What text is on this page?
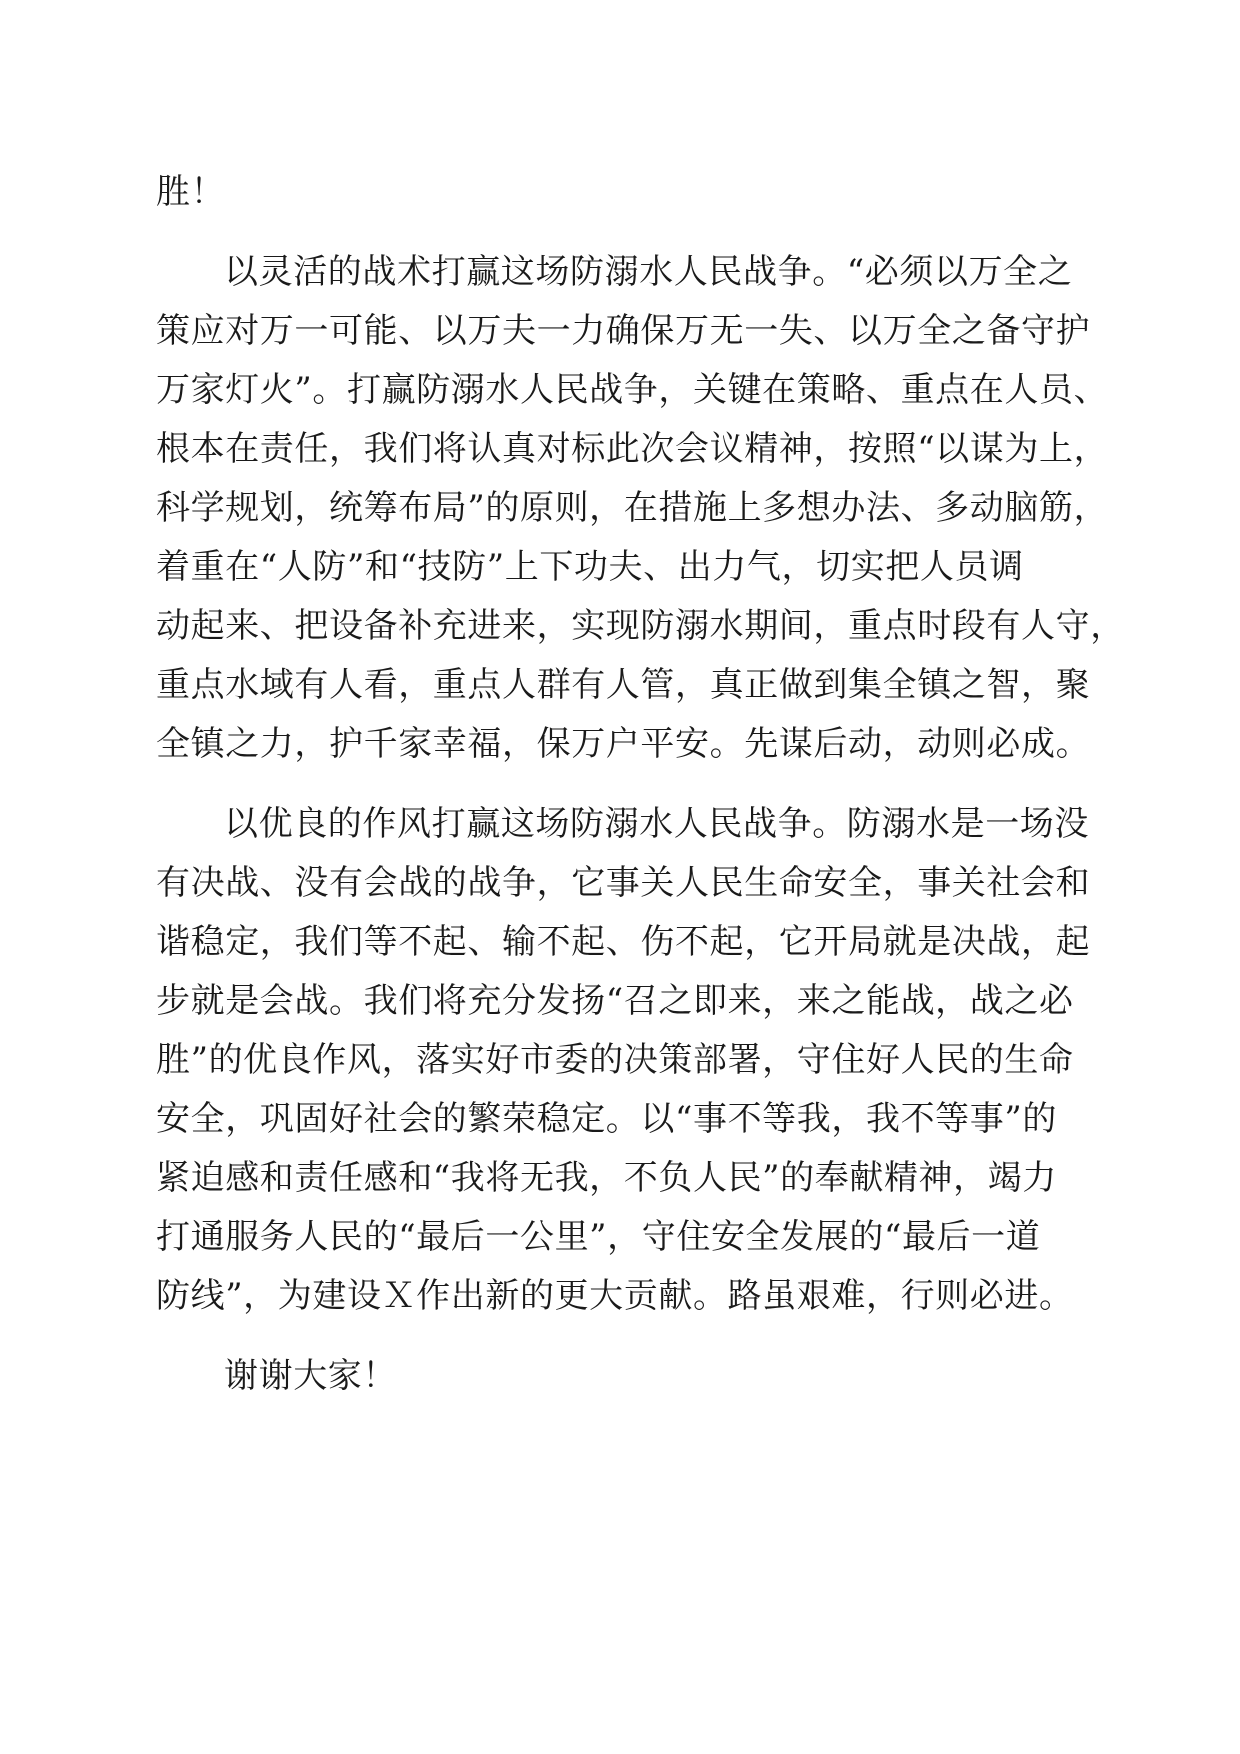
胜！
以灵活的战术打赢这场防溺水人民战争。“必须以万全之
策应对万一可能、以万夫一力确保万无一失、以万全之备守护
万家灯火”。打赢防溺水人民战争，关键在策略、重点在人员、
根本在责任，我们将认真对标此次会议精神，按照“以谋为上，
科学规划，统筹布局”的原则，在措施上多想办法、多动脑筋，
着重在“人防”和“技防”上下功夫、出力气，切实把人员调
动起来、把设备补充进来，实现防溺水期间，重点时段有人守，
重点水域有人看，重点人群有人管，真正做到集全镇之智，聚
全镇之力，护千家幸福，保万户平安。先谋后动，动则必成。
以优良的作风打赢这场防溺水人民战争。防溺水是一场没
有决战、没有会战的战争，它事关人民生命安全，事关社会和
谐稳定，我们等不起、输不起、伤不起，它开局就是决战，起
步就是会战。我们将充分发扬“召之即来，来之能战，战之必
胜”的优良作风，落实好市委的决策部署，守住好人民的生命
安全，巩固好社会的繁荣稳定。以“事不等我，我不等事”的
紧迫感和责任感和“我将无我，不负人民”的奉献精神，竭力
打通服务人民的“最后一公里”，守住安全发展的“最后一道
防线”，为建设Ｘ作出新的更大贡献。路虽艰难，行则必进。
谢谢大家！
